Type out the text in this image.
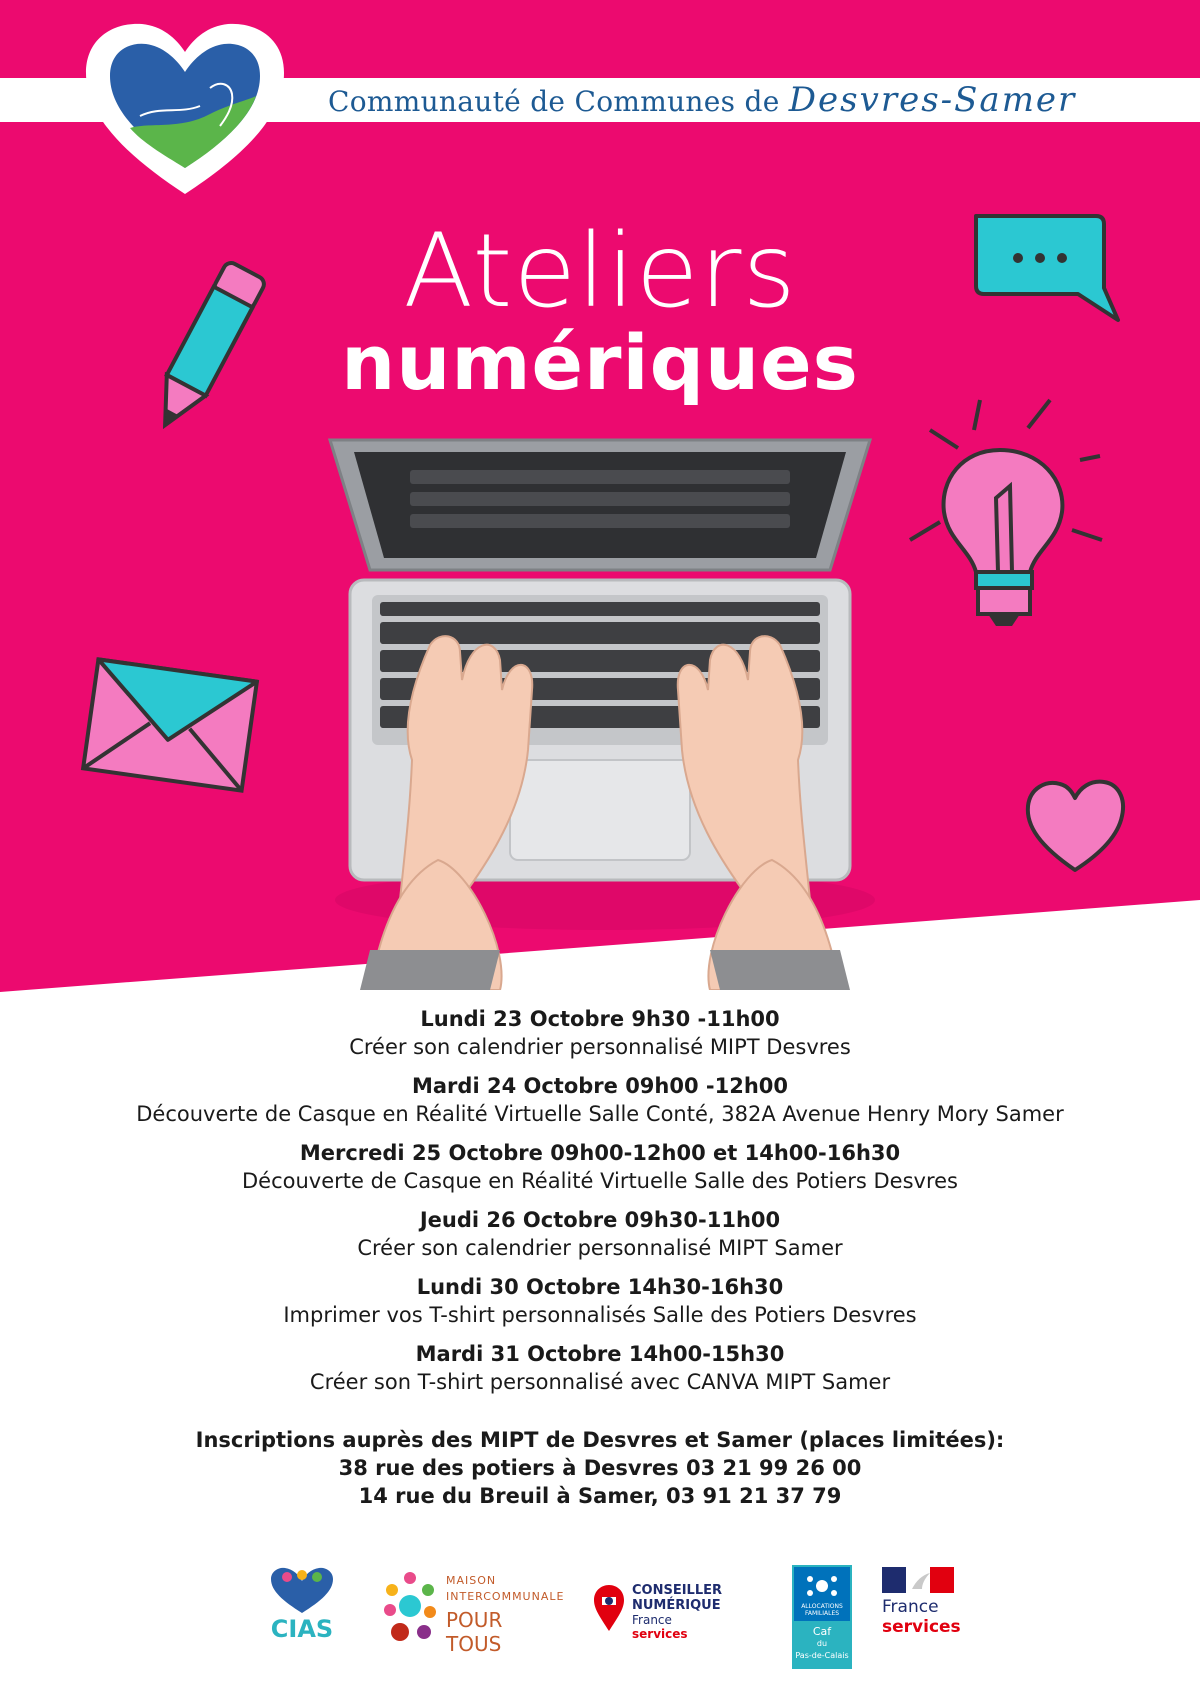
Communauté de Communes de Desvres-Samer
Ateliers
numériques
Lundi 23 Octobre 9h30 -11h00
Créer son calendrier personnalisé MIPT Desvres
Mardi 24 Octobre 09h00 -12h00
Découverte de Casque en Réalité Virtuelle Salle Conté, 382A Avenue Henry Mory Samer
Mercredi 25 Octobre 09h00-12h00 et 14h00-16h30
Découverte de Casque en Réalité Virtuelle Salle des Potiers Desvres
Jeudi 26 Octobre 09h30-11h00
Créer son calendrier personnalisé MIPT Samer
Lundi 30 Octobre 14h30-16h30
Imprimer vos T-shirt personnalisés Salle des Potiers Desvres
Mardi 31 Octobre 14h00-15h30
Créer son T-shirt personnalisé avec CANVA MIPT Samer
Inscriptions auprès des MIPT de Desvres et Samer (places limitées):
38 rue des potiers à Desvres 03 21 99 26 00
14 rue du Breuil à Samer, 03 91 21 37 79
CIAS
MAISON
INTERCOMMUNALE
POUR TOUS
CONSEILLER
NUMÉRIQUE
France
services
ALLOCATIONS
FAMILIALES
Caf
du
Pas-de-Calais
France
services
